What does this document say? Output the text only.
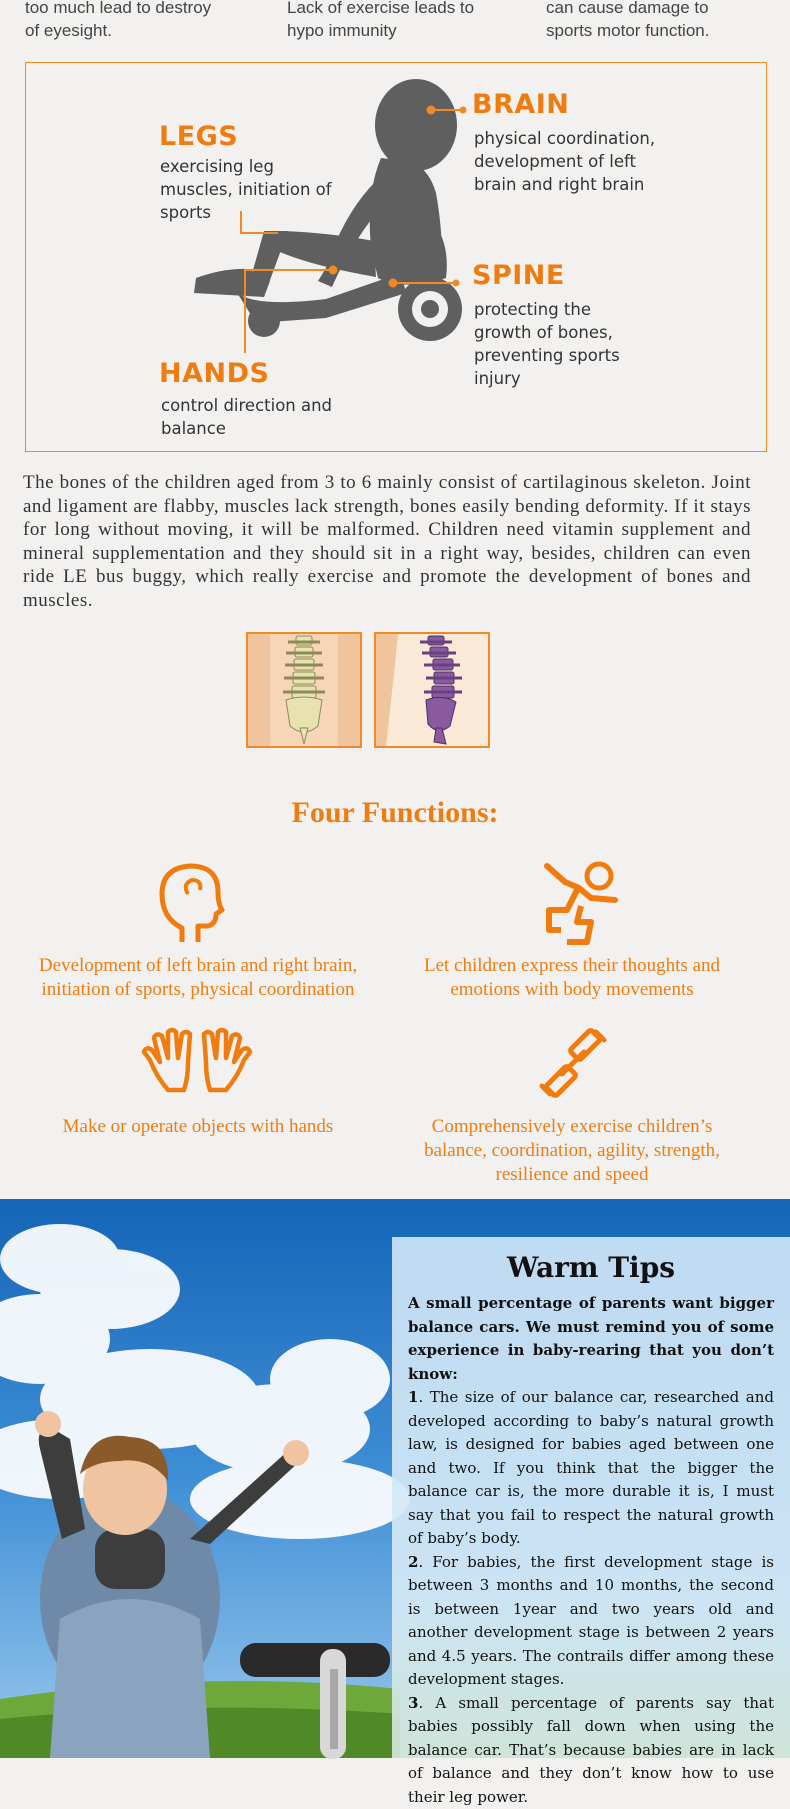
too much lead to destroy
of eyesight.
Lack of exercise leads to
hypo immunity
can cause damage to
sports motor function.
BRAIN
physical coordination,
development of left
brain and right brain
LEGS
exercising leg
muscles, initiation of
sports
SPINE
protecting the
growth of bones,
preventing sports
injury
HANDS
control direction and
balance
The bones of the children aged from 3 to 6 mainly consist of cartilaginous skeleton. Joint and ligament are flabby, muscles lack strength, bones easily bending deformity. If it stays for long without moving, it will be malformed. Children need vitamin supplement and mineral supplementation and they should sit in a right way, besides, children can even ride LE bus buggy, which really exercise and promote the development of bones and muscles.
Four Functions:
Development of left brain and right brain,
initiation of sports, physical coordination
Let children express their thoughts and
emotions with body movements
Make or operate objects with hands	Comprehensively exercise children’s
balance, coordination, agility, strength,
resilience and speed
Warm Tips
A small percentage of parents want bigger balance cars. We must remind you of some experience in baby-rearing that you don’t know:
1. The size of our balance car, researched and developed according to baby’s natural growth law, is designed for babies aged between one and two. If you think that the bigger the balance car is, the more durable it is, I must say that you fail to respect the natural growth of baby’s body.
2. For babies, the first development stage is between 3 months and 10 months, the second is between 1year and two years old and another development stage is between 2 years and 4.5 years. The contrails differ among these development stages.
3. A small percentage of parents say that babies possibly fall down when using the balance car. That’s because babies are in lack of balance and they don’t know how to use their leg power.
